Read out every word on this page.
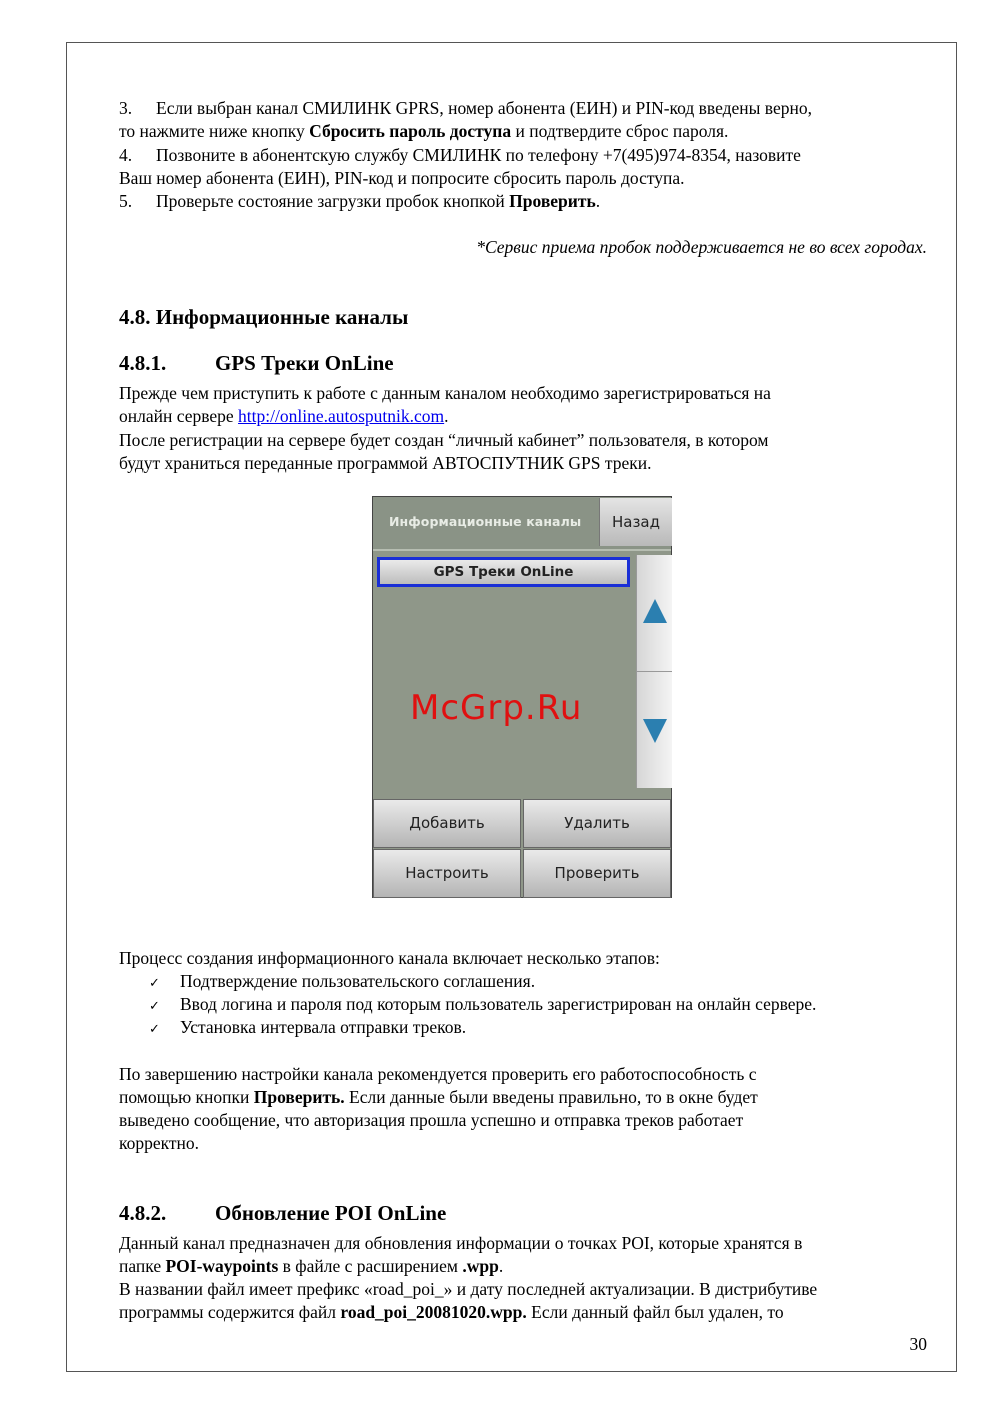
3. Если выбран канал СМИЛИНК GPRS, номер абонента (ЕИН) и PIN-код введены верно,
то нажмите ниже кнопку Сбросить пароль доступа и подтвердите сброс пароля.
4. Позвоните в абонентскую службу СМИЛИНК по телефону +7(495)974-8354, назовите
Ваш номер абонента (ЕИН), PIN-код и попросите сбросить пароль доступа.
5. Проверьте состояние загрузки пробок кнопкой Проверить.
*Сервис приема пробок поддерживается не во всех городах.
4.8. Информационные каналы
4.8.1. GPS Треки OnLine
Прежде чем приступить к работе с данным каналом необходимо зарегистрироваться на
онлайн сервере http://online.autosputnik.com.
После регистрации на сервере будет создан “личный кабинет” пользователя, в котором
будут храниться переданные программой АВТОСПУТНИК GPS треки.
Информационные каналы	Назад
GPS Треки OnLine
Добавить	Удалить
Настроить	Проверить
McGrp.Ru
Процесс создания информационного канала включает несколько этапов:
✓ Подтверждение пользовательского соглашения.
✓ Ввод логина и пароля под которым пользователь зарегистрирован на онлайн сервере.
✓ Установка интервала отправки треков.
По завершению настройки канала рекомендуется проверить его работоспособность с
помощью кнопки Проверить. Если данные были введены правильно, то в окне будет
выведено сообщение, что авторизация прошла успешно и отправка треков работает
корректно.
4.8.2. Обновление POI OnLine
Данный канал предназначен для обновления информации о точках POI, которые хранятся в
папке POI-waypoints в файле с расширением .wpp.
В названии файл имеет префикс «road_poi_» и дату последней актуализации. В дистрибутиве
программы содержится файл road_poi_20081020.wpp. Если данный файл был удален, то
30
